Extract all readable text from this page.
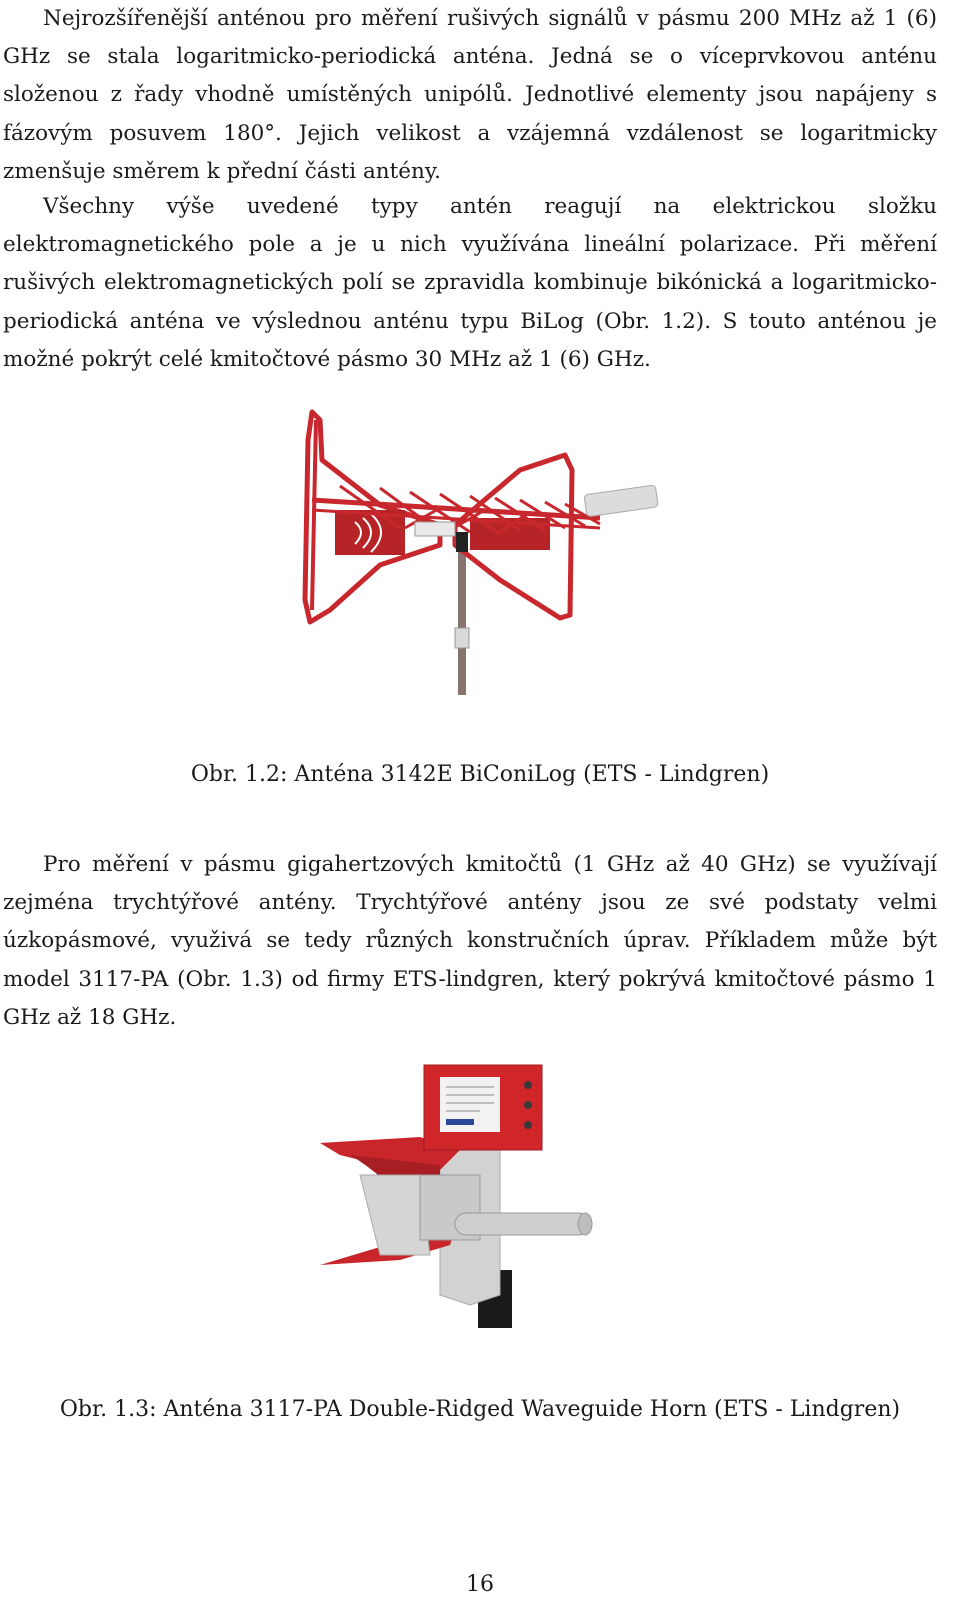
Nejrozšířenější anténou pro měření rušivých signálů v pásmu 200 MHz až 1 (6) GHz se stala logaritmicko-periodická anténa. Jedná se o víceprvkovou anténu složenou z řady vhodně umístěných unipólů. Jednotlivé elementy jsou napájeny s fázovým posuvem 180°. Jejich velikost a vzájemná vzdálenost se logaritmicky zmenšuje směrem k přední části antény.

Všechny výše uvedené typy antén reagují na elektrickou složku elektromagnetického pole a je u nich využívána lineální polarizace. Při měření rušivých elektromagnetických polí se zpravidla kombinuje bikónická a logaritmicko-periodická anténa ve výslednou anténu typu BiLog (Obr. 1.2). S touto anténou je možné pokrýt celé kmitočtové pásmo 30 MHz až 1 (6) GHz.

Obr. 1.2: Anténa 3142E BiConiLog (ETS - Lindgren)

Pro měření v pásmu gigahertzových kmitočtů (1 GHz až 40 GHz) se využívají zejména trychtýřové antény. Trychtýřové antény jsou ze své podstaty velmi úzkopásmové, využivá se tedy různých konstručních úprav. Příkladem může být model 3117-PA (Obr. 1.3) od firmy ETS-lindgren, který pokrývá kmitočtové pásmo 1 GHz až 18 GHz.

Obr. 1.3: Anténa 3117-PA Double-Ridged Waveguide Horn (ETS - Lindgren)
16
